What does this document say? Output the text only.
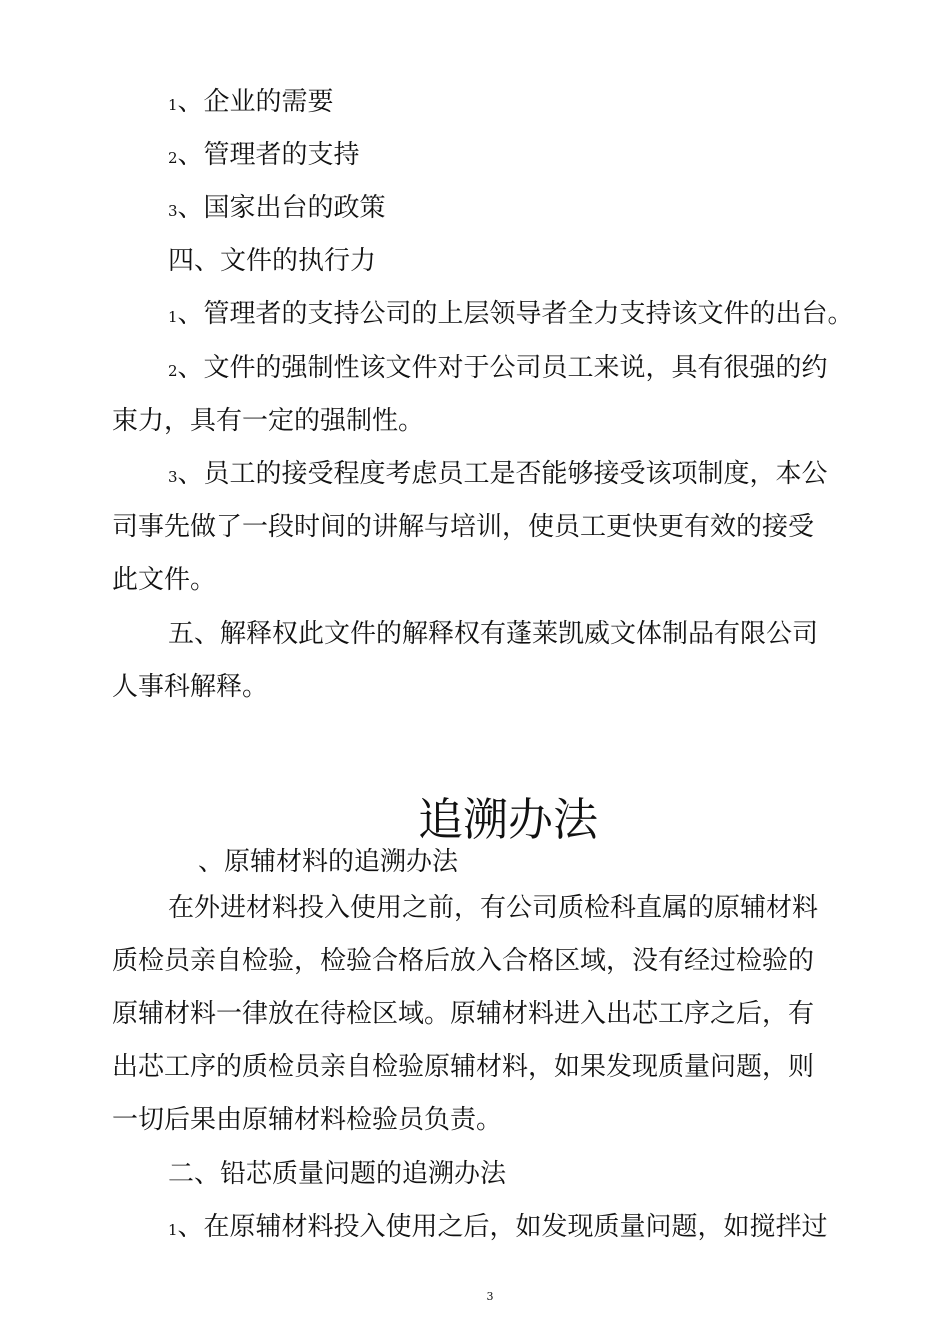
1、企业的需要
2、管理者的支持
3、国家出台的政策
四、文件的执行力
1、管理者的支持公司的上层领导者全力支持该文件的出台。
2、文件的强制性该文件对于公司员工来说，具有很强的约
束力，具有一定的强制性。
3、员工的接受程度考虑员工是否能够接受该项制度，本公
司事先做了一段时间的讲解与培训，使员工更快更有效的接受
此文件。
五、解释权此文件的解释权有蓬莱凯威文体制品有限公司
人事科解释。
追溯办法
、原辅材料的追溯办法
在外进材料投入使用之前，有公司质检科直属的原辅材料
质检员亲自检验，检验合格后放入合格区域，没有经过检验的
原辅材料一律放在待检区域。原辅材料进入出芯工序之后，有
出芯工序的质检员亲自检验原辅材料，如果发现质量问题，则
一切后果由原辅材料检验员负责。
二、铅芯质量问题的追溯办法
1、在原辅材料投入使用之后，如发现质量问题，如搅拌过
3
